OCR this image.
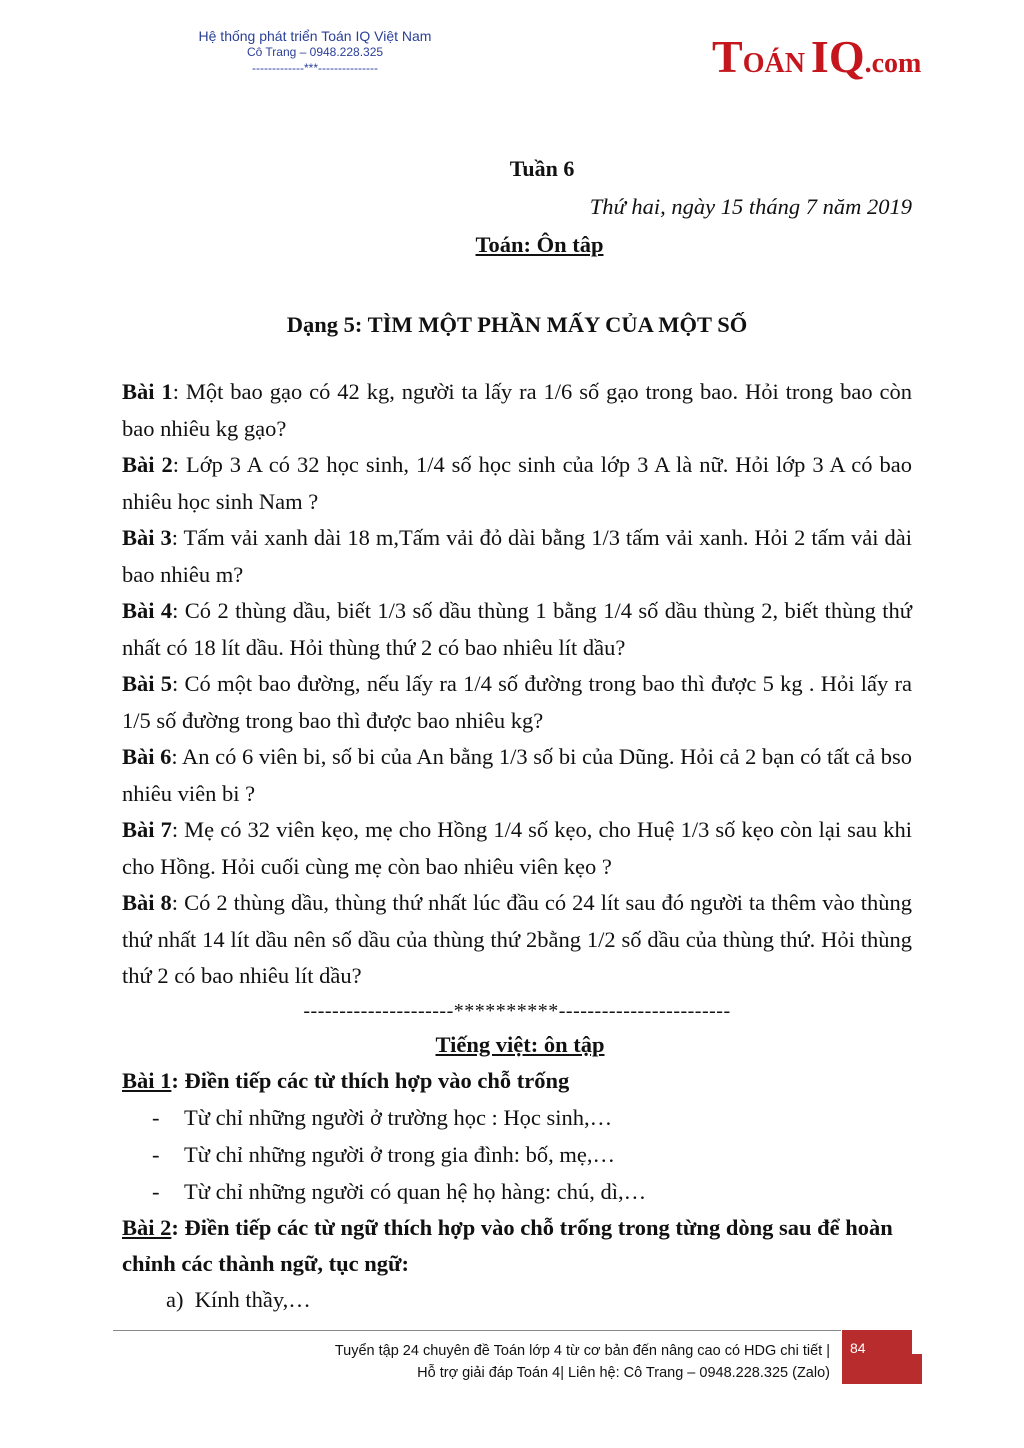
Hệ thống phát triển Toán IQ Việt Nam
Cô Trang – 0948.228.325
-------------***---------------	T OÁN IQ .com
Tuần 6
Thứ hai, ngày 15 tháng 7 năm 2019
Toán: Ôn tâp
Dạng 5: TÌM MỘT PHẦN MẤY CỦA MỘT SỐ

Bài 1: Một bao gạo có 42 kg, người ta lấy ra 1/6 số gạo trong bao. Hỏi trong bao còn bao nhiêu kg gạo?

Bài 2: Lớp 3 A có 32 học sinh, 1/4 số học sinh của lớp 3 A là nữ. Hỏi lớp 3 A có bao nhiêu học sinh Nam ?

Bài 3: Tấm vải xanh dài 18 m,Tấm vải đỏ dài bằng 1/3 tấm vải xanh. Hỏi 2 tấm vải dài bao nhiêu m?

Bài 4: Có 2 thùng dầu, biết 1/3 số dầu thùng 1 bằng 1/4 số dầu thùng 2, biết thùng thứ nhất có 18 lít dầu. Hỏi thùng thứ 2 có bao nhiêu lít dầu?

Bài 5: Có một bao đường, nếu lấy ra 1/4 số đường trong bao thì được 5 kg . Hỏi lấy ra 1/5 số đường trong bao thì được bao nhiêu kg?

Bài 6: An có 6 viên bi, số bi của An bằng 1/3 số bi của Dũng. Hỏi cả 2 bạn có tất cả bso nhiêu viên bi ?

Bài 7: Mẹ có 32 viên kẹo, mẹ cho Hồng 1/4 số kẹo, cho Huệ 1/3 số kẹo còn lại sau khi cho Hồng. Hỏi cuối cùng mẹ còn bao nhiêu viên kẹo ?

Bài 8: Có 2 thùng dầu, thùng thứ nhất lúc đầu có 24 lít sau đó người ta thêm vào thùng thứ nhất 14 lít dầu nên số dầu của thùng thứ 2bằng 1/2 số dầu của thùng thứ. Hỏi thùng thứ 2 có bao nhiêu lít dầu?

---------------------**********------------------------
Tiếng việt: ôn tập
Bài 1: Điền tiếp các từ thích hợp vào chỗ trống
- Từ chỉ những người ở trường học : Học sinh,…
- Từ chỉ những người ở trong gia đình: bố, mẹ,…
- Từ chỉ những người có quan hệ họ hàng: chú, dì,…
Bài 2: Điền tiếp các từ ngữ thích hợp vào chỗ trống trong từng dòng sau để hoàn chỉnh các thành ngữ, tục ngữ:
a) Kính thầy,…
Tuyển tập 24 chuyên đề Toán lớp 4 từ cơ bản đến nâng cao có HDG chi tiết |
Hỗ trợ giải đáp Toán 4| Liên hệ: Cô Trang – 0948.228.325 (Zalo)
84
